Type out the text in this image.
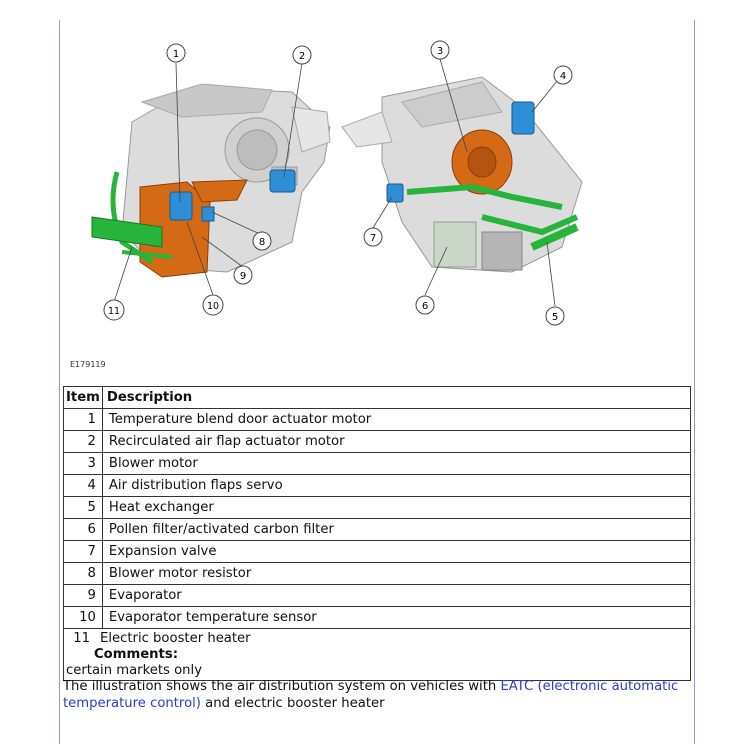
1	2	3
4
5
6
7
8
9
10
11
E179119
Item	Description
1	Temperature blend door actuator motor
2	Recirculated air flap actuator motor
3	Blower motor
4	Air distribution flaps servo
5	Heat exchanger
6	Pollen filter/activated carbon filter
7	Expansion valve
8	Blower motor resistor
9	Evaporator
10	Evaporator temperature sensor

11 Electric booster heater
Comments:
certain markets only	
The illustration shows the air distribution system on vehicles with EATC (electronic automatic temperature control) and electric booster heater
